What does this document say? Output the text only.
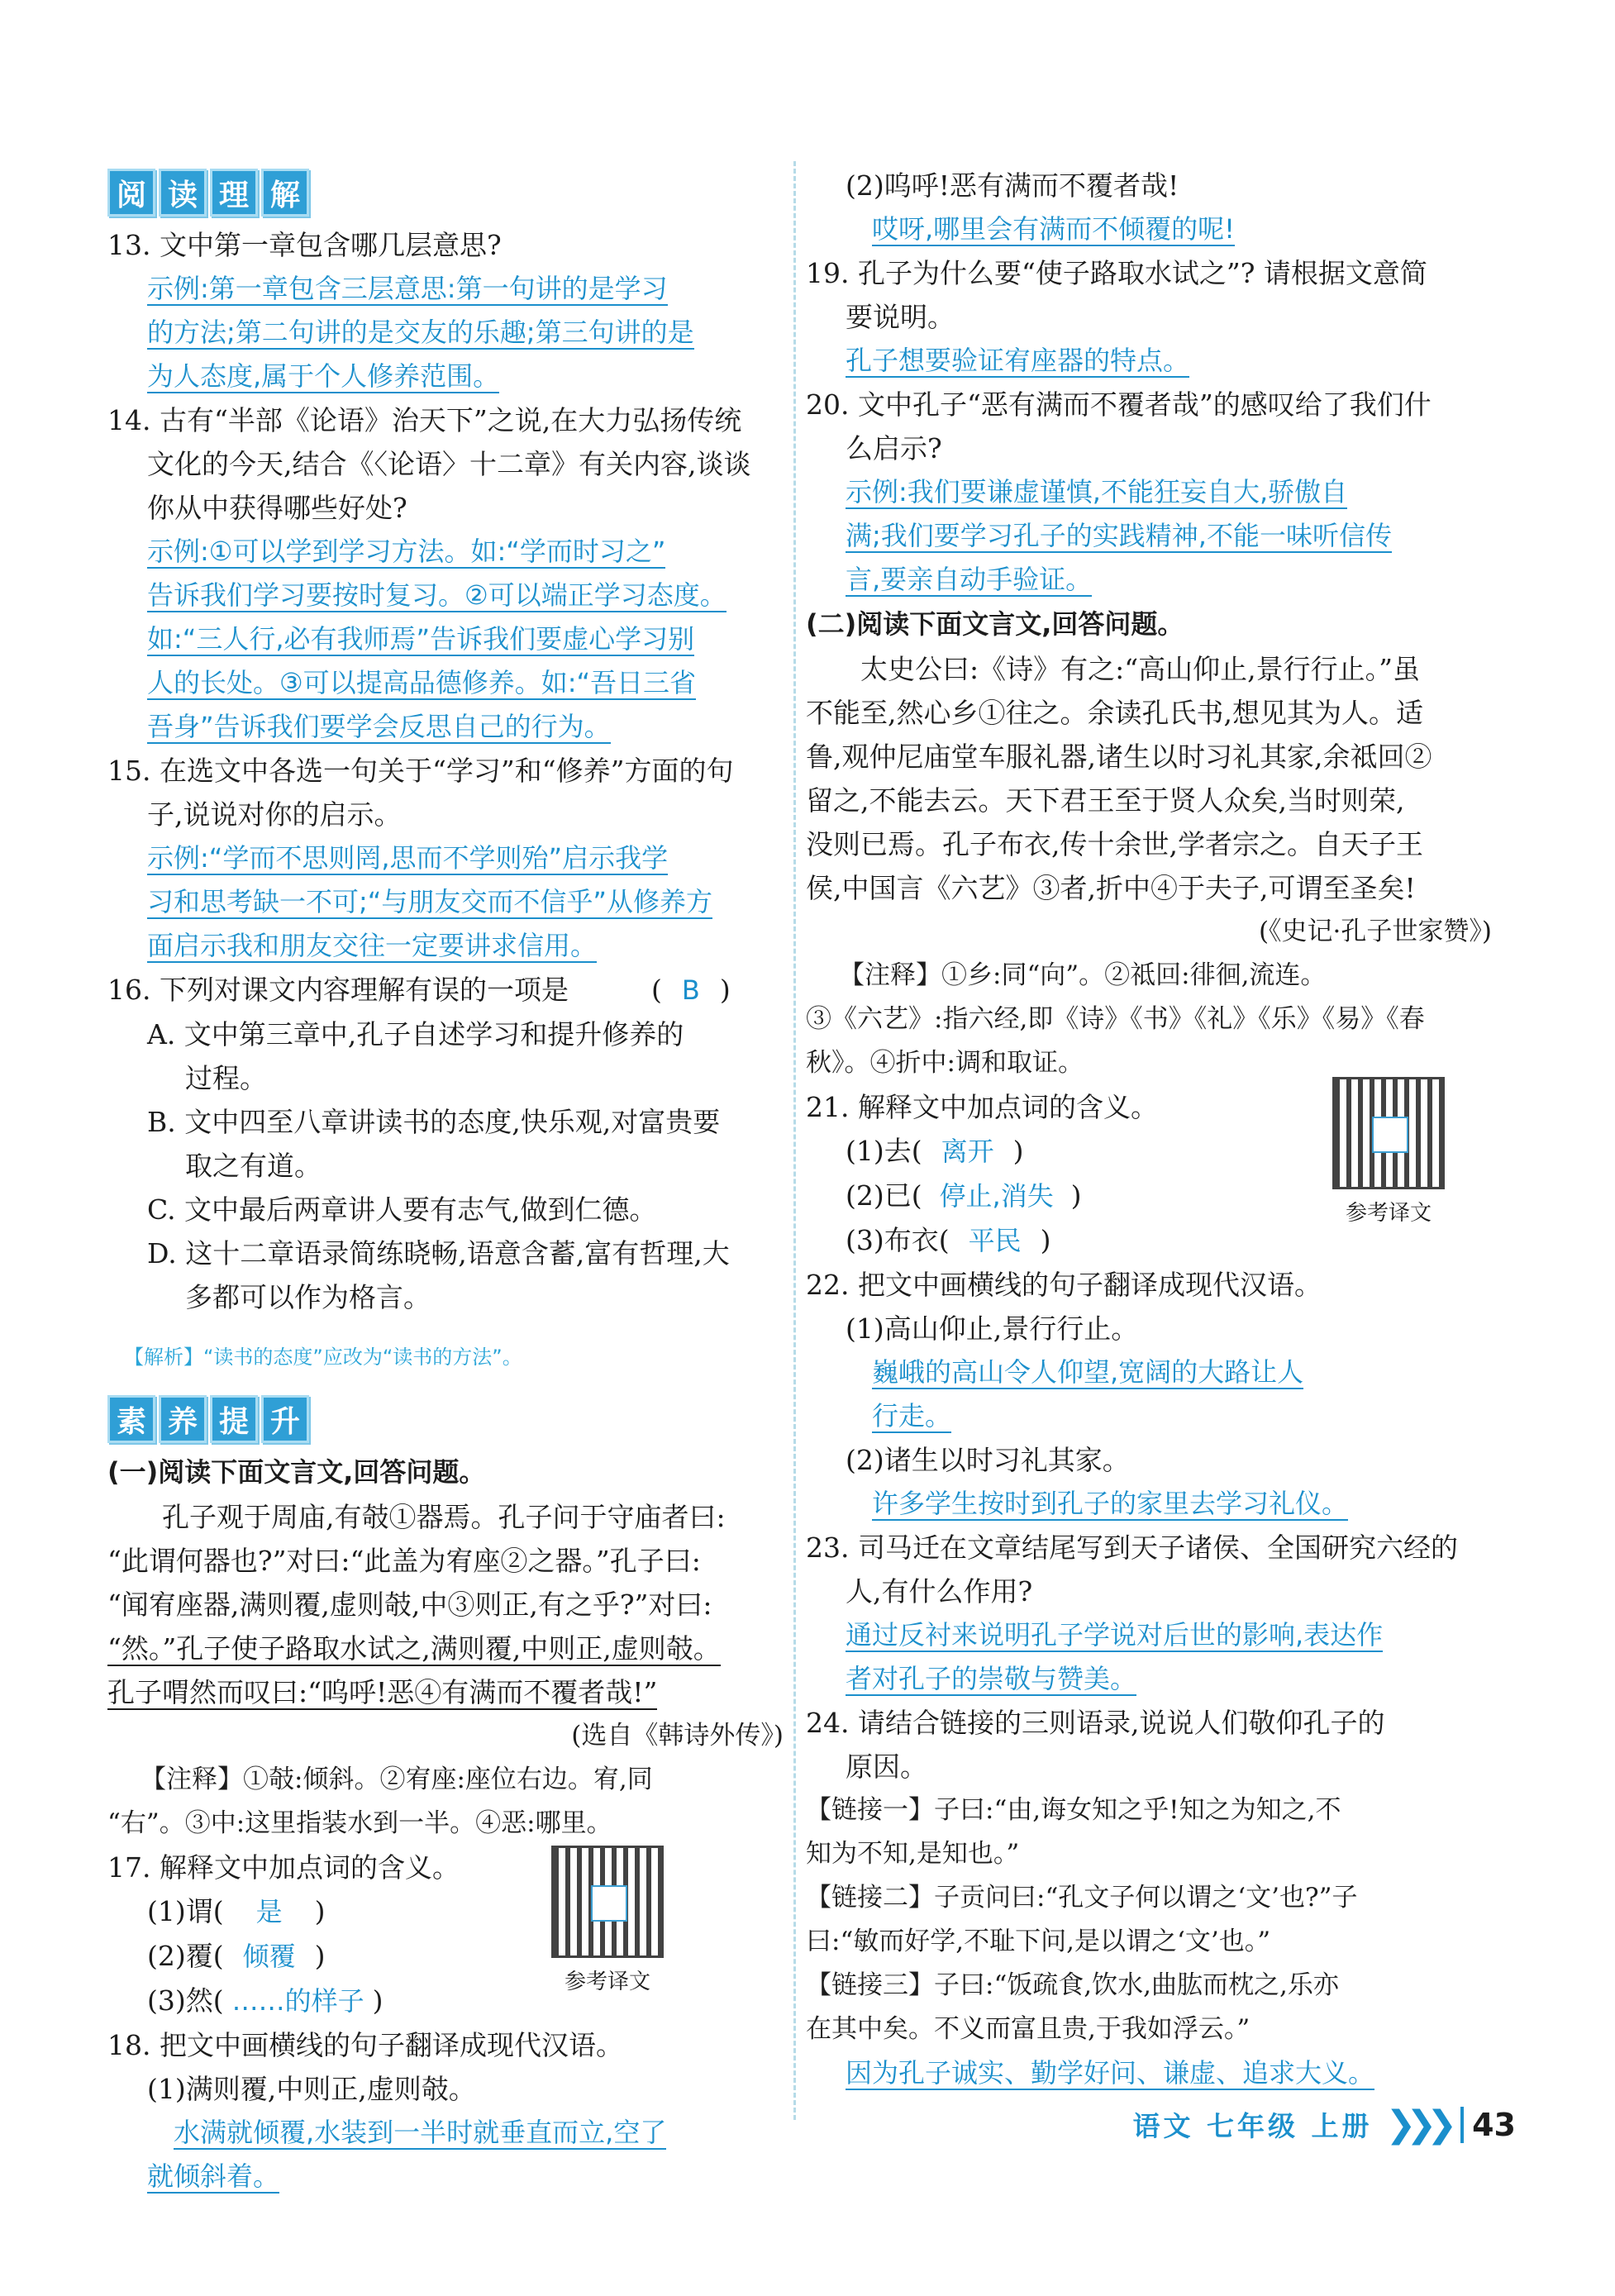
阅 读 理 解

13. 文中第一章包含哪几层意思?

示例:第一章包含三层意思:第一句讲的是学习
的方法;第二句讲的是交友的乐趣;第三句讲的是
为人态度,属于个人修养范围。

14. 古有“半部《论语》治天下”之说,在大力弘扬传统

文化的今天,结合《〈论语〉十二章》有关内容,谈谈

你从中获得哪些好处?

示例:①可以学到学习方法。如:“学而时习之”
告诉我们学习要按时复习。②可以端正学习态度。
如:“三人行,必有我师焉”告诉我们要虚心学习别
人的长处。③可以提高品德修养。如:“吾日三省
吾身”告诉我们要学会反思自己的行为。

15. 在选文中各选一句关于“学习”和“修养”方面的句

子,说说对你的启示。

示例:“学而不思则罔,思而不学则殆”启示我学
习和思考缺一不可;“与朋友交而不信乎”从修养方
面启示我和朋友交往一定要讲求信用。

16. 下列对课文内容理解有误的一项是	( B )

A. 文中第三章中,孔子自述学习和提升修养的

过程。

B. 文中四至八章讲读书的态度,快乐观,对富贵要

取之有道。

C. 文中最后两章讲人要有志气,做到仁德。

D. 这十二章语录简练晓畅,语意含蓄,富有哲理,大

多都可以作为格言。

【解析】“读书的态度”应改为“读书的方法”。

素 养 提 升

(一)阅读下面文言文,回答问题。

孔子观于周庙,有攲①器焉。孔子问于守庙者曰:

“此谓何器也?”对曰:“此盖为宥座②之器。”孔子曰:

“闻宥座器,满则覆,虚则攲,中③则正,有之乎?”对曰:

“然。”孔子使子路取水试之,满则覆,中则正,虚则攲。

孔子喟然而叹曰:“呜呼!恶④有满而不覆者哉!”

(选自《韩诗外传》)

【注释】①攲:倾斜。②宥座:座位右边。宥,同

“右”。③中:这里指装水到一半。④恶:哪里。

17. 解释文中加点词的含义。

(1)谓( 是 )

(2)覆( 倾覆 )

(3)然( ……的样子 )

参考译文

18. 把文中画横线的句子翻译成现代汉语。

(1)满则覆,中则正,虚则攲。

水满就倾覆,水装到一半时就垂直而立,空了
就倾斜着。

(2)呜呼!恶有满而不覆者哉!

哎呀,哪里会有满而不倾覆的呢!

19. 孔子为什么要“使子路取水试之”? 请根据文意简

要说明。

孔子想要验证宥座器的特点。

20. 文中孔子“恶有满而不覆者哉”的感叹给了我们什

么启示?

示例:我们要谦虚谨慎,不能狂妄自大,骄傲自
满;我们要学习孔子的实践精神,不能一味听信传
言,要亲自动手验证。

(二)阅读下面文言文,回答问题。

太史公曰:《诗》有之:“高山仰止,景行行止。”虽

不能至,然心乡①往之。余读孔氏书,想见其为人。适

鲁,观仲尼庙堂车服礼器,诸生以时习礼其家,余祗回②

留之,不能去云。天下君王至于贤人众矣,当时则荣,

没则已焉。孔子布衣,传十余世,学者宗之。自天子王

侯,中国言《六艺》③者,折中④于夫子,可谓至圣矣!

(《史记·孔子世家赞》)

【注释】①乡:同“向”。②祗回:徘徊,流连。

③《六艺》:指六经,即《诗》《书》《礼》《乐》《易》《春

秋》。④折中:调和取证。

21. 解释文中加点词的含义。

(1)去( 离开 )

(2)已( 停止,消失 )

(3)布衣( 平民 )

参考译文

22. 把文中画横线的句子翻译成现代汉语。

(1)高山仰止,景行行止。

巍峨的高山令人仰望,宽阔的大路让人
行走。

(2)诸生以时习礼其家。

许多学生按时到孔子的家里去学习礼仪。

23. 司马迁在文章结尾写到天子诸侯、全国研究六经的

人,有什么作用?

通过反衬来说明孔子学说对后世的影响,表达作
者对孔子的崇敬与赞美。

24. 请结合链接的三则语录,说说人们敬仰孔子的

原因。

【链接一】子曰:“由,诲女知之乎!知之为知之,不

知为不知,是知也。”

【链接二】子贡问曰:“孔文子何以谓之‘文’也?”子

曰:“敏而好学,不耻下问,是以谓之‘文’也。”

【链接三】子曰:“饭疏食,饮水,曲肱而枕之,乐亦

在其中矣。不义而富且贵,于我如浮云。”

因为孔子诚实、勤学好问、谦虚、追求大义。
语文 七年级 上册 ❯❯❯ 43
